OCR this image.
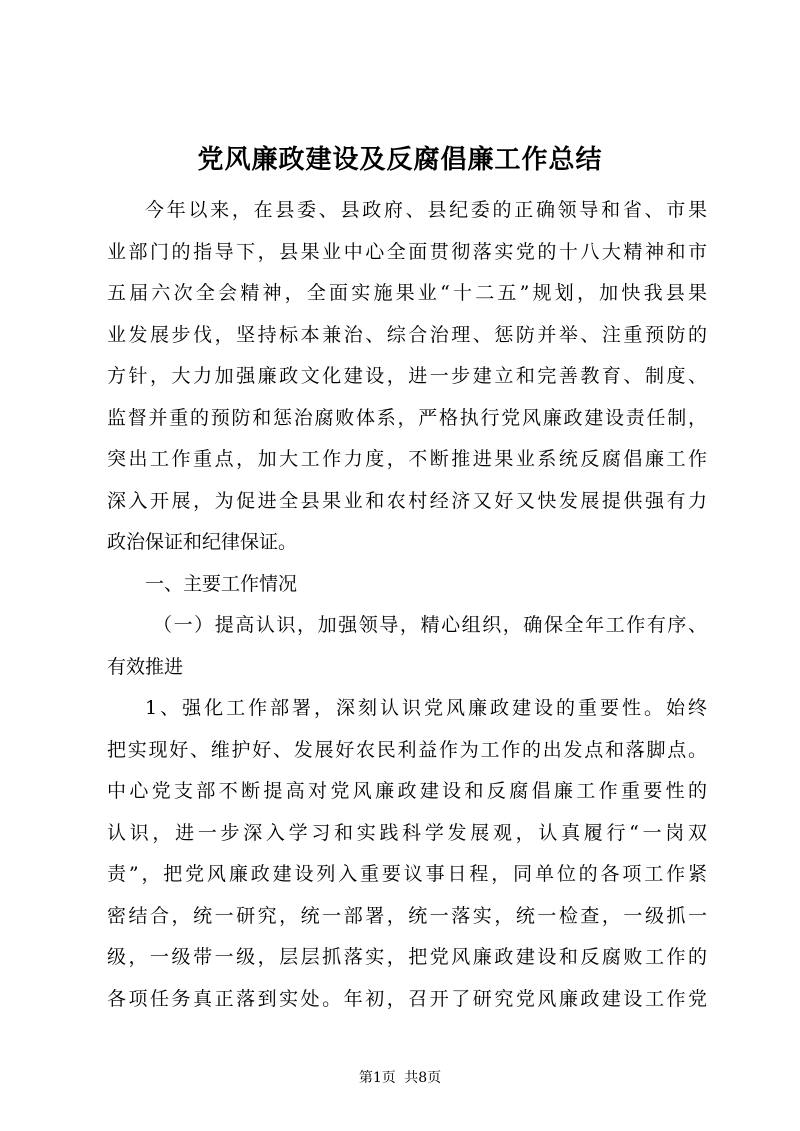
党风廉政建设及反腐倡廉工作总结
今年以来，在县委、县政府、县纪委的正确领导和省、市果
业部门的指导下，县果业中心全面贯彻落实党的十八大精神和市
五届六次全会精神，全面实施果业“十二五”规划，加快我县果
业发展步伐，坚持标本兼治、综合治理、惩防并举、注重预防的
方针，大力加强廉政文化建设，进一步建立和完善教育、制度、
监督并重的预防和惩治腐败体系，严格执行党风廉政建设责任制，
突出工作重点，加大工作力度，不断推进果业系统反腐倡廉工作
深入开展，为促进全县果业和农村经济又好又快发展提供强有力
政治保证和纪律保证。
一、主要工作情况
（一）提高认识，加强领导，精心组织，确保全年工作有序、
有效推进
1、强化工作部署，深刻认识党风廉政建设的重要性。始终
把实现好、维护好、发展好农民利益作为工作的出发点和落脚点。
中心党支部不断提高对党风廉政建设和反腐倡廉工作重要性的
认识，进一步深入学习和实践科学发展观，认真履行“一岗双
责”，把党风廉政建设列入重要议事日程，同单位的各项工作紧
密结合，统一研究，统一部署，统一落实，统一检查，一级抓一
级，一级带一级，层层抓落实，把党风廉政建设和反腐败工作的
各项任务真正落到实处。年初，召开了研究党风廉政建设工作党
第1页 共8页
